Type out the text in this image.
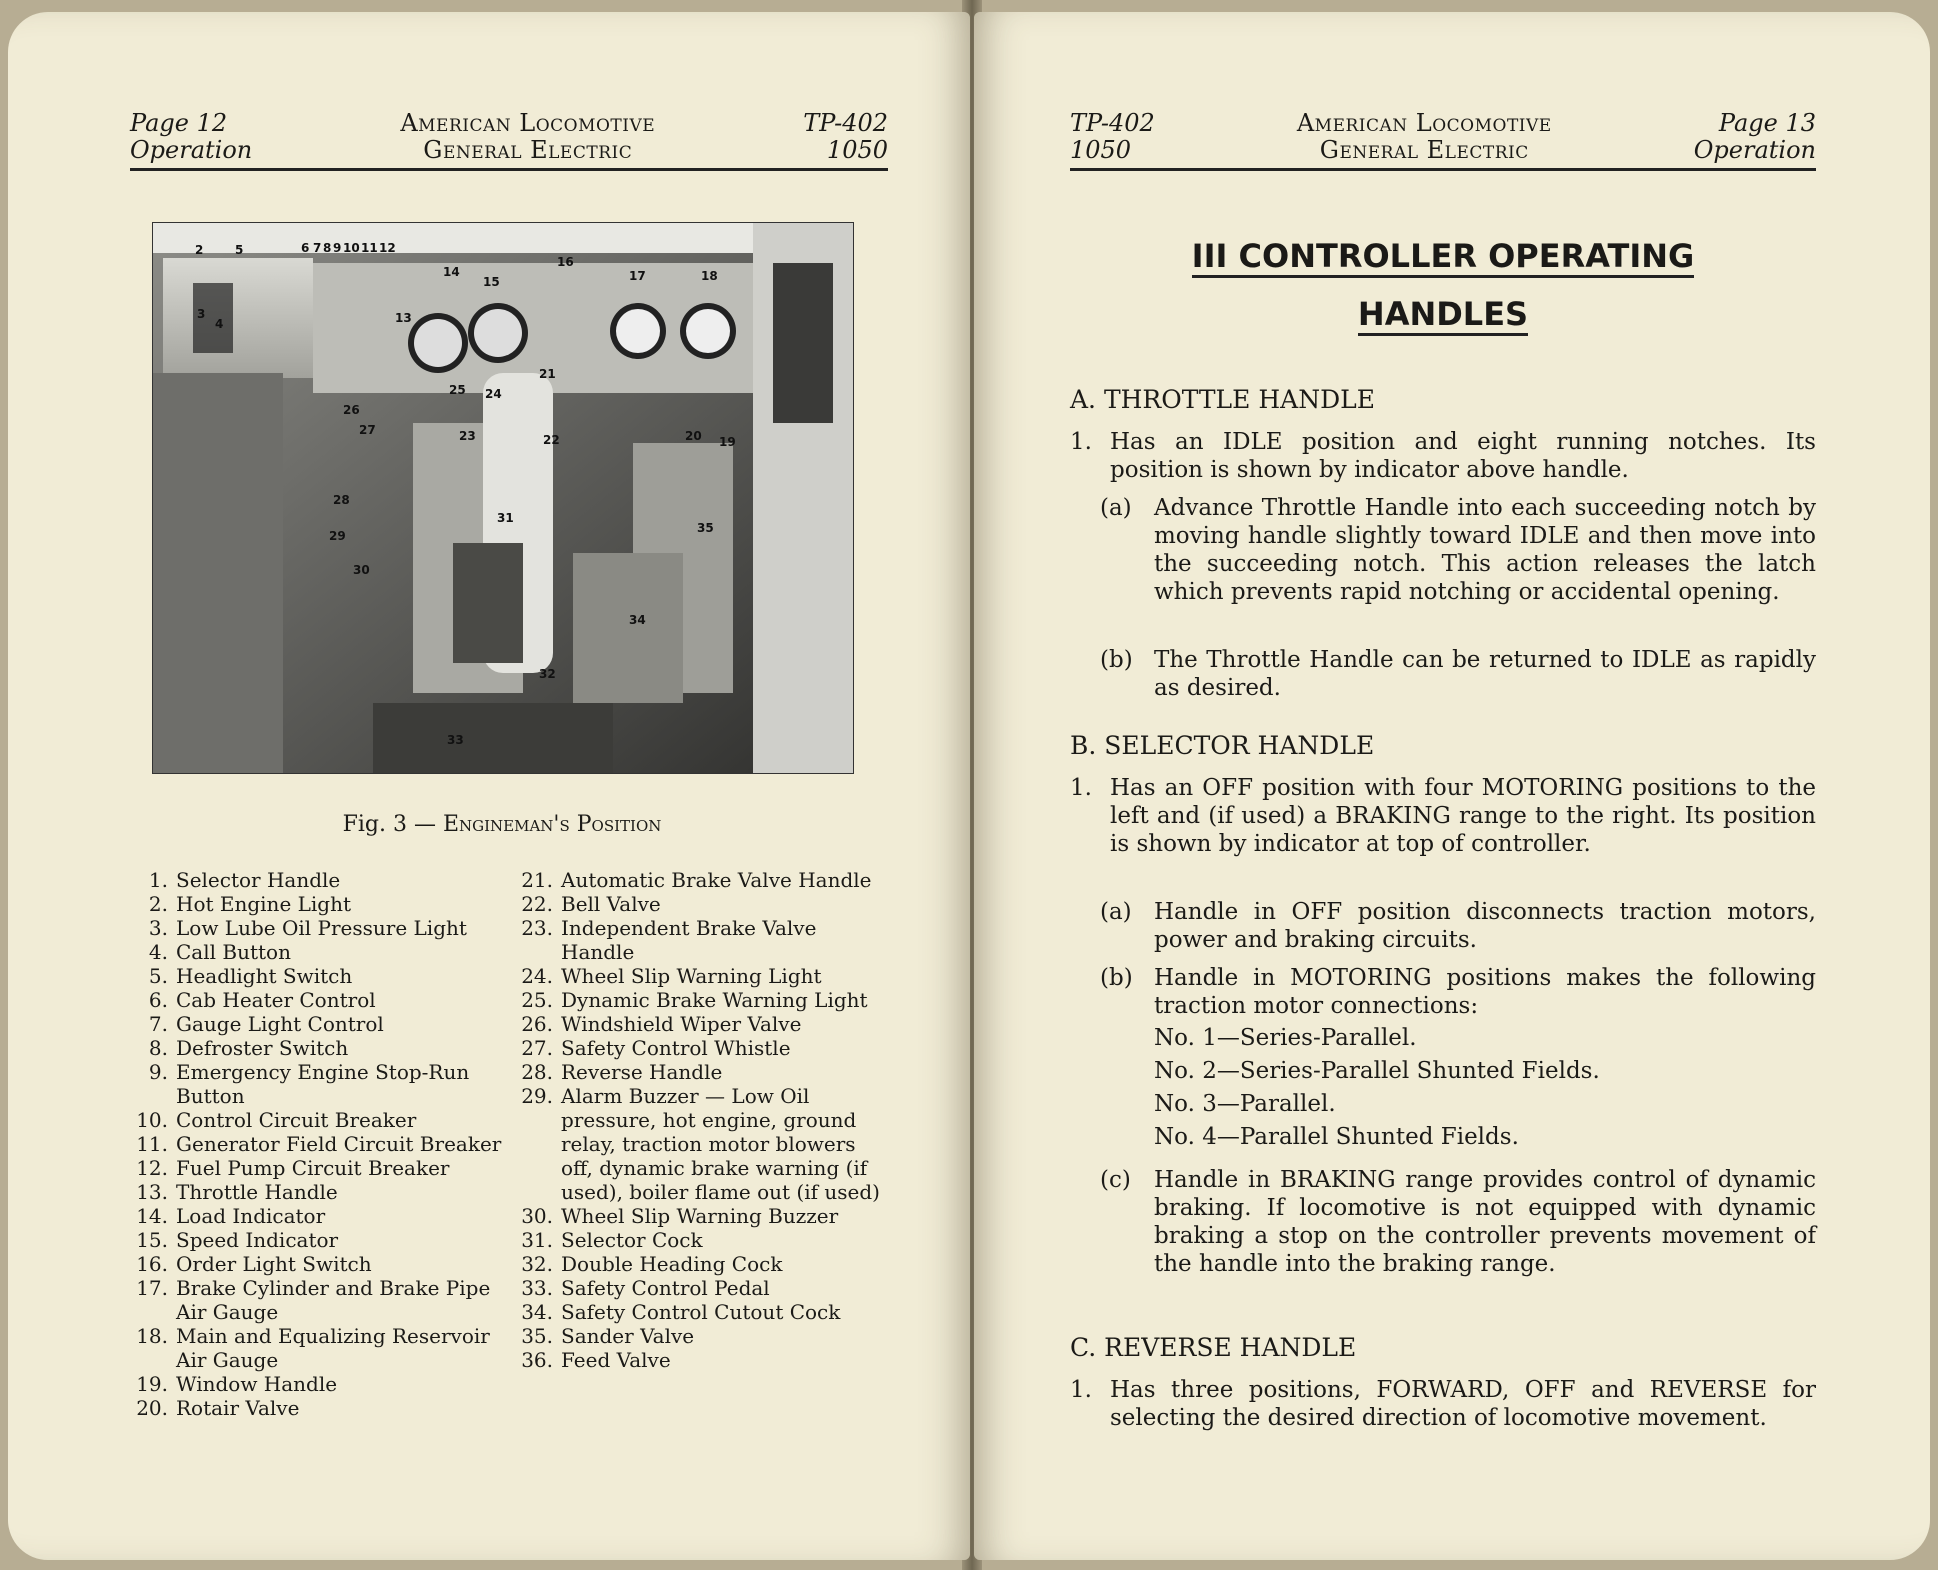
Page 12
Operation
American Locomotive
General Electric
TP-402
1050
2
3
4
5	6 7 8 9 10 11 12
13
14
15
16
17	18
19
20
21
22
23
24
25
26
27
28
29
30
31
32
33
34
35
Fig. 3 — Engineman's Position
1. Selector Handle
2. Hot Engine Light
3. Low Lube Oil Pressure Light
4. Call Button
5. Headlight Switch
6. Cab Heater Control
7. Gauge Light Control
8. Defroster Switch
9. Emergency Engine Stop-Run Button
10. Control Circuit Breaker
11. Generator Field Circuit Breaker
12. Fuel Pump Circuit Breaker
13. Throttle Handle
14. Load Indicator
15. Speed Indicator
16. Order Light Switch
17. Brake Cylinder and Brake Pipe Air Gauge
18. Main and Equalizing Reservoir Air Gauge
19. Window Handle
20. Rotair Valve
21. Automatic Brake Valve Handle
22. Bell Valve
23. Independent Brake Valve Handle
24. Wheel Slip Warning Light
25. Dynamic Brake Warning Light
26. Windshield Wiper Valve
27. Safety Control Whistle
28. Reverse Handle
29. Alarm Buzzer — Low Oil pressure, hot engine, ground relay, traction motor blowers off, dynamic brake warning (if used), boiler flame out (if used)
30. Wheel Slip Warning Buzzer
31. Selector Cock
32. Double Heading Cock
33. Safety Control Pedal
34. Safety Control Cutout Cock
35. Sander Valve
36. Feed Valve
TP-402
1050
American Locomotive
General Electric
Page 13
Operation
III CONTROLLER OPERATING
HANDLES
A. THROTTLE HANDLE
1. Has an IDLE position and eight running notches. Its position is shown by indicator above handle.
(a) Advance Throttle Handle into each succeeding notch by moving handle slightly toward IDLE and then move into the succeeding notch. This action releases the latch which prevents rapid notching or accidental opening.
(b) The Throttle Handle can be returned to IDLE as rapidly as desired.
B. SELECTOR HANDLE
1. Has an OFF position with four MOTORING positions to the left and (if used) a BRAKING range to the right. Its position is shown by indicator at top of controller.
(a) Handle in OFF position disconnects traction motors, power and braking circuits.
(b) Handle in MOTORING positions makes the following traction motor connections:
No. 1—Series-Parallel.
No. 2—Series-Parallel Shunted Fields.
No. 3—Parallel.
No. 4—Parallel Shunted Fields.
(c) Handle in BRAKING range provides control of dynamic braking. If locomotive is not equipped with dynamic braking a stop on the controller prevents movement of the handle into the braking range.
C. REVERSE HANDLE
1. Has three positions, FORWARD, OFF and REVERSE for selecting the desired direction of locomotive movement.
